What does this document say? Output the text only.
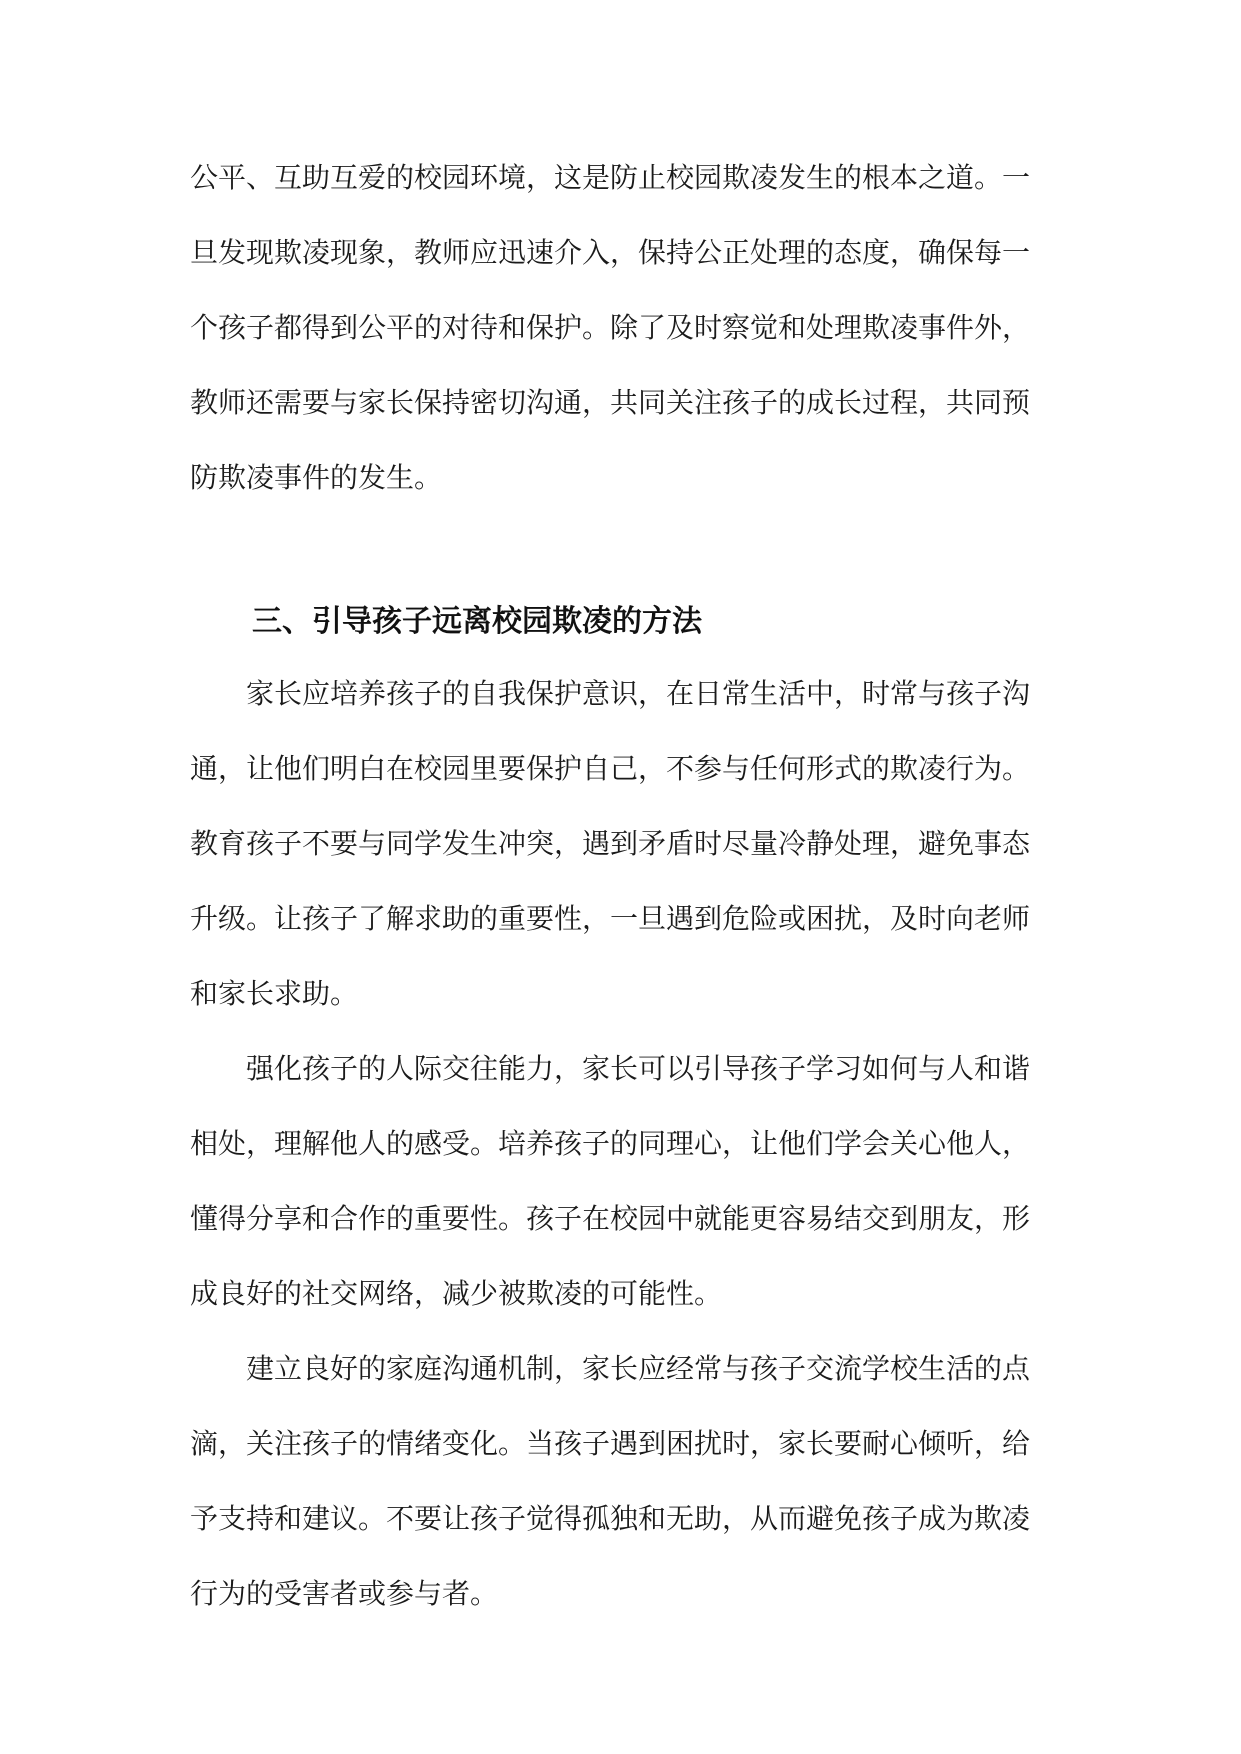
公平、互助互爱的校园环境，这是防止校园欺凌发生的根本之道。一
旦发现欺凌现象，教师应迅速介入，保持公正处理的态度，确保每一
个孩子都得到公平的对待和保护。除了及时察觉和处理欺凌事件外，
教师还需要与家长保持密切沟通，共同关注孩子的成长过程，共同预
防欺凌事件的发生。
三、引导孩子远离校园欺凌的方法
　　家长应培养孩子的自我保护意识，在日常生活中，时常与孩子沟
通，让他们明白在校园里要保护自己，不参与任何形式的欺凌行为。
教育孩子不要与同学发生冲突，遇到矛盾时尽量冷静处理，避免事态
升级。让孩子了解求助的重要性，一旦遇到危险或困扰，及时向老师
和家长求助。
　　强化孩子的人际交往能力，家长可以引导孩子学习如何与人和谐
相处，理解他人的感受。培养孩子的同理心，让他们学会关心他人，
懂得分享和合作的重要性。孩子在校园中就能更容易结交到朋友，形
成良好的社交网络，减少被欺凌的可能性。
　　建立良好的家庭沟通机制，家长应经常与孩子交流学校生活的点
滴，关注孩子的情绪变化。当孩子遇到困扰时，家长要耐心倾听，给
予支持和建议。不要让孩子觉得孤独和无助，从而避免孩子成为欺凌
行为的受害者或参与者。
